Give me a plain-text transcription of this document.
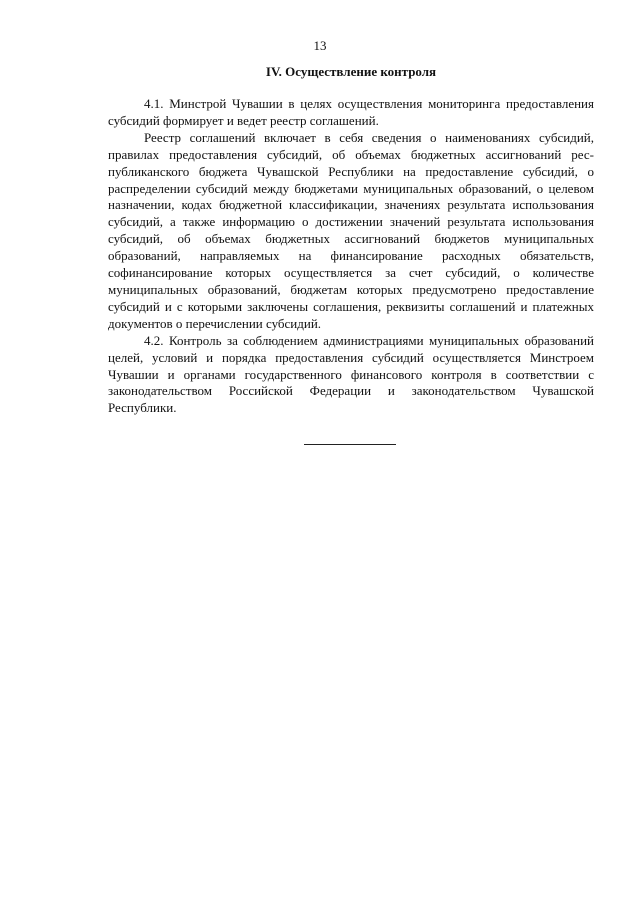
13
IV. Осуществление контроля

4.1. Минстрой Чувашии в целях осуществления мониторинга предоставления субсидий формирует и ведет реестр соглашений.

Реестр соглашений включает в себя сведения о наименованиях субсидий, правилах предоставления субсидий, об объемах бюджетных ассигнований республиканского бюджета Чувашской Республики на предоставление субсидий, о распределении субсидий между бюджетами муниципальных образований, о целевом назначении, кодах бюджетной классификации, значениях результата использования субсидий, а также информацию о достижении значений результата использования субсидий, об объемах бюджетных ассигнований бюджетов муниципальных образований, направляемых на финансирование расходных обязательств, софинансирование которых осуществляется за счет субсидий, о количестве муниципальных образований, бюджетам которых предусмотрено предоставление субсидий и с которыми заключены соглашения, реквизиты соглашений и платежных документов о перечислении субсидий.

4.2. Контроль за соблюдением администрациями муниципальных образований целей, условий и порядка предоставления субсидий осуществляется Минстроем Чувашии и органами государственного финансового контроля в соответствии с законодательством Российской Федерации и законодательством Чувашской Республики.
